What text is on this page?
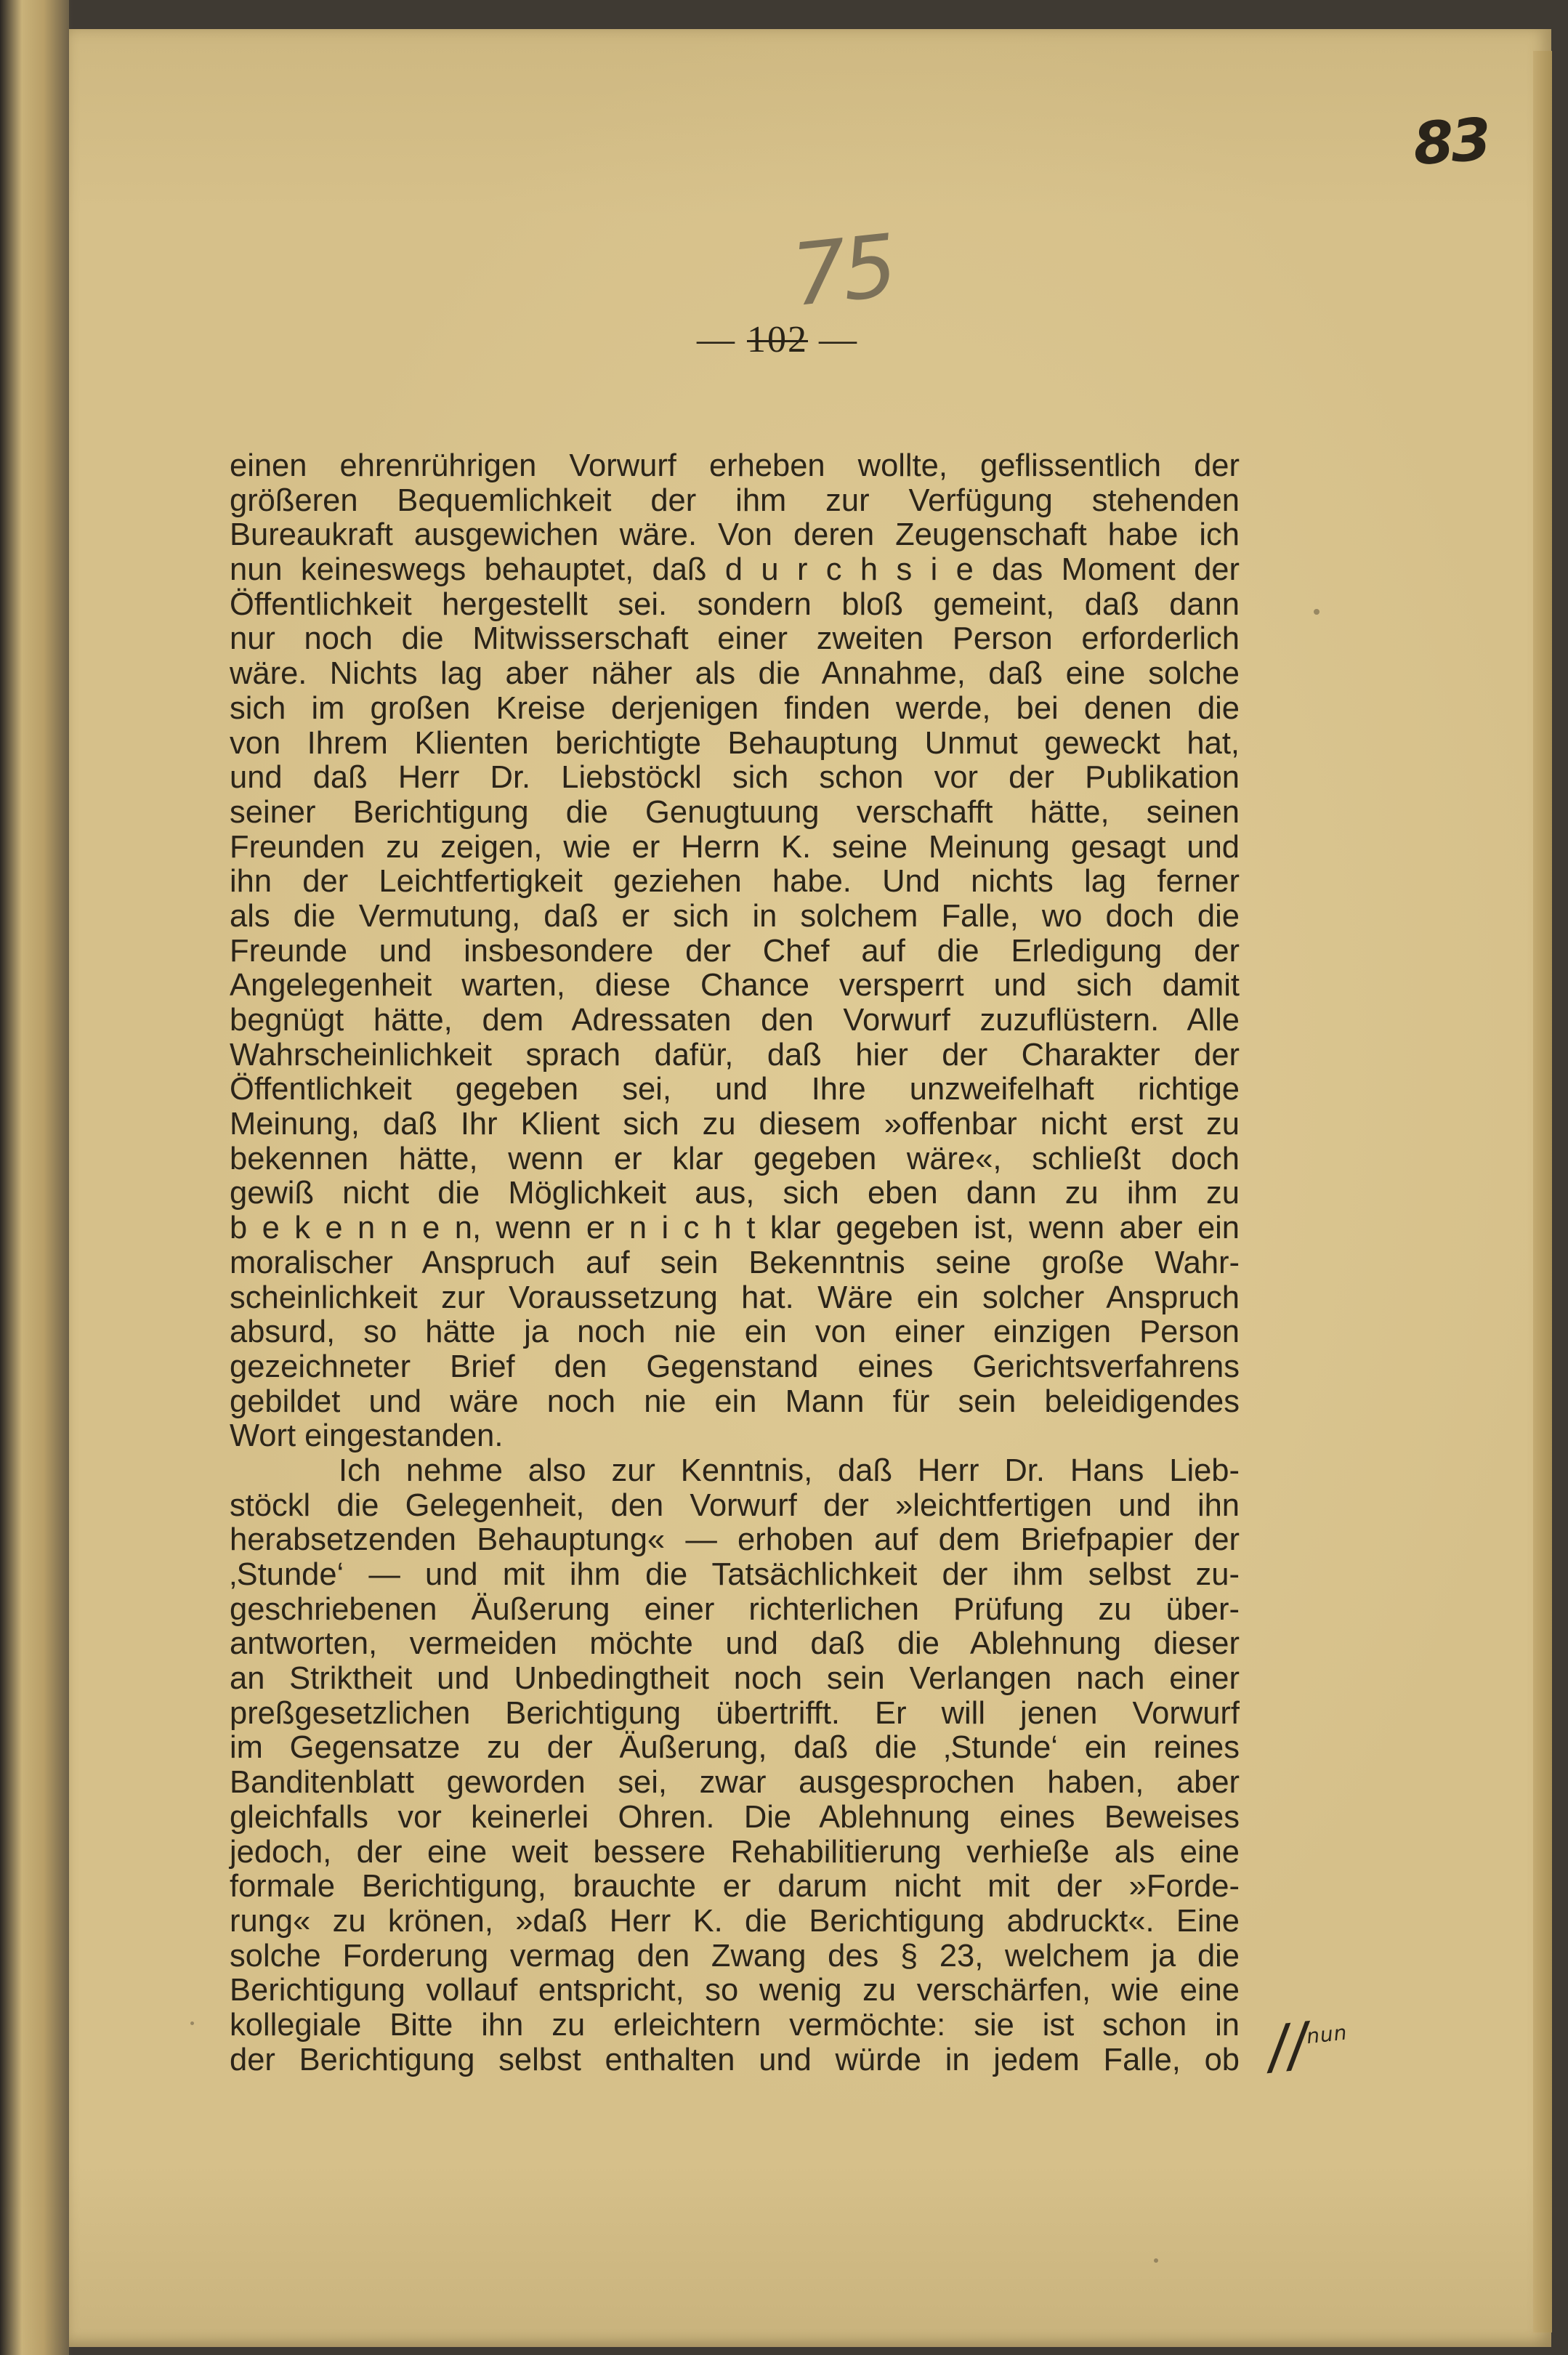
83
75
— 102 —
einen ehrenrührigen Vorwurf erheben wollte, geflissentlich der
größeren Bequemlichkeit der ihm zur Verfügung stehenden
Bureaukraft ausgewichen wäre. Von deren Zeugenschaft habe ich
nun keineswegs behauptet, daß d u r c h s i e das Moment der
Öffentlichkeit hergestellt sei. sondern bloß gemeint, daß dann
nur noch die Mitwisserschaft einer zweiten Person erforderlich
wäre. Nichts lag aber näher als die Annahme, daß eine solche
sich im großen Kreise derjenigen finden werde, bei denen die
von Ihrem Klienten berichtigte Behauptung Unmut geweckt hat,
und daß Herr Dr. Liebstöckl sich schon vor der Publikation
seiner Berichtigung die Genugtuung verschafft hätte, seinen
Freunden zu zeigen, wie er Herrn K. seine Meinung gesagt und
ihn der Leichtfertigkeit geziehen habe. Und nichts lag ferner
als die Vermutung, daß er sich in solchem Falle, wo doch die
Freunde und insbesondere der Chef auf die Erledigung der
Angelegenheit warten, diese Chance versperrt und sich damit
begnügt hätte, dem Adressaten den Vorwurf zuzuflüstern. Alle
Wahrscheinlichkeit sprach dafür, daß hier der Charakter der
Öffentlichkeit gegeben sei, und Ihre unzweifelhaft richtige
Meinung, daß Ihr Klient sich zu diesem »offenbar nicht erst zu
bekennen hätte, wenn er klar gegeben wäre«, schließt doch
gewiß nicht die Möglichkeit aus, sich eben dann zu ihm zu
b e k e n n e n, wenn er n i c h t klar gegeben ist, wenn aber ein
moralischer Anspruch auf sein Bekenntnis seine große Wahr-
scheinlichkeit zur Voraussetzung hat. Wäre ein solcher Anspruch
absurd, so hätte ja noch nie ein von einer einzigen Person
gezeichneter Brief den Gegenstand eines Gerichtsverfahrens
gebildet und wäre noch nie ein Mann für sein beleidigendes
Wort eingestanden.
Ich nehme also zur Kenntnis, daß Herr Dr. Hans Lieb-
stöckl die Gelegenheit, den Vorwurf der »leichtfertigen und ihn
herabsetzenden Behauptung« — erhoben auf dem Briefpapier der
‚Stunde‘ — und mit ihm die Tatsächlichkeit der ihm selbst zu-
geschriebenen Äußerung einer richterlichen Prüfung zu über-
antworten, vermeiden möchte und daß die Ablehnung dieser
an Striktheit und Unbedingtheit noch sein Verlangen nach einer
preßgesetzlichen Berichtigung übertrifft. Er will jenen Vorwurf
im Gegensatze zu der Äußerung, daß die ‚Stunde‘ ein reines
Banditenblatt geworden sei, zwar ausgesprochen haben, aber
gleichfalls vor keinerlei Ohren. Die Ablehnung eines Beweises
jedoch, der eine weit bessere Rehabilitierung verhieße als eine
formale Berichtigung, brauchte er darum nicht mit der »Forde-
rung« zu krönen, »daß Herr K. die Berichtigung abdruckt«. Eine
solche Forderung vermag den Zwang des § 23, welchem ja die
Berichtigung vollauf entspricht, so wenig zu verschärfen, wie eine
kollegiale Bitte ihn zu erleichtern vermöchte: sie ist schon in
der Berichtigung selbst enthalten und würde in jedem Falle, ob //$^{nun}$
